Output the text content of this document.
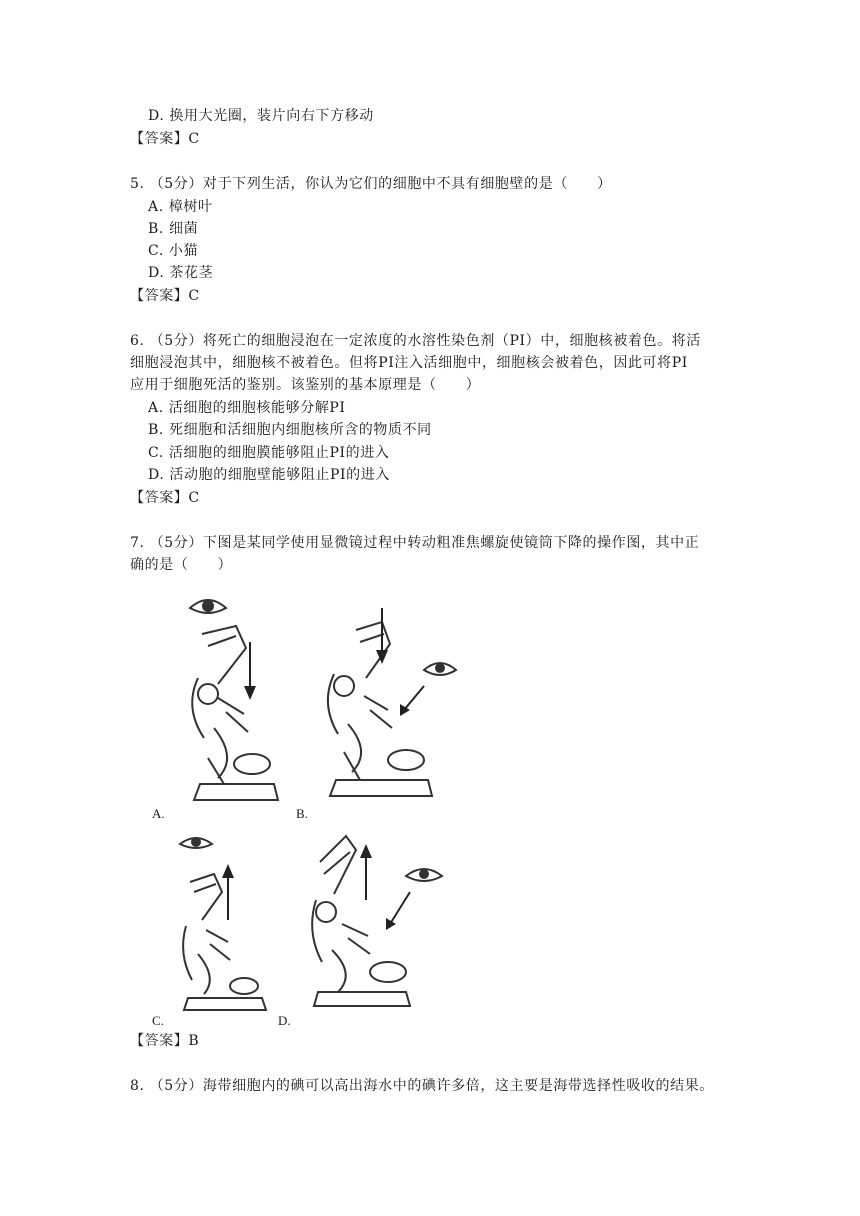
D. 换用大光圈，装片向右下方移动
【答案】C
5. （5分）对于下列生活，你认为它们的细胞中不具有细胞壁的是（　　）
A. 樟树叶
B. 细菌
C. 小猫
D. 茶花茎
【答案】C
6. （5分）将死亡的细胞浸泡在一定浓度的水溶性染色剂（PI）中，细胞核被着色。将活
细胞浸泡其中，细胞核不被着色。但将PI注入活细胞中，细胞核会被着色，因此可将PI
应用于细胞死活的鉴别。该鉴别的基本原理是（　　）
A. 活细胞的细胞核能够分解PI
B. 死细胞和活细胞内细胞核所含的物质不同
C. 活细胞的细胞膜能够阻止PI的进入
D. 活动胞的细胞壁能够阻止PI的进入
【答案】C
7. （5分）下图是某同学使用显微镜过程中转动粗准焦螺旋使镜筒下降的操作图，其中正
确的是（　　）
A.	B.
C.	D.
【答案】B
8. （5分）海带细胞内的碘可以高出海水中的碘许多倍，这主要是海带选择性吸收的结果。
